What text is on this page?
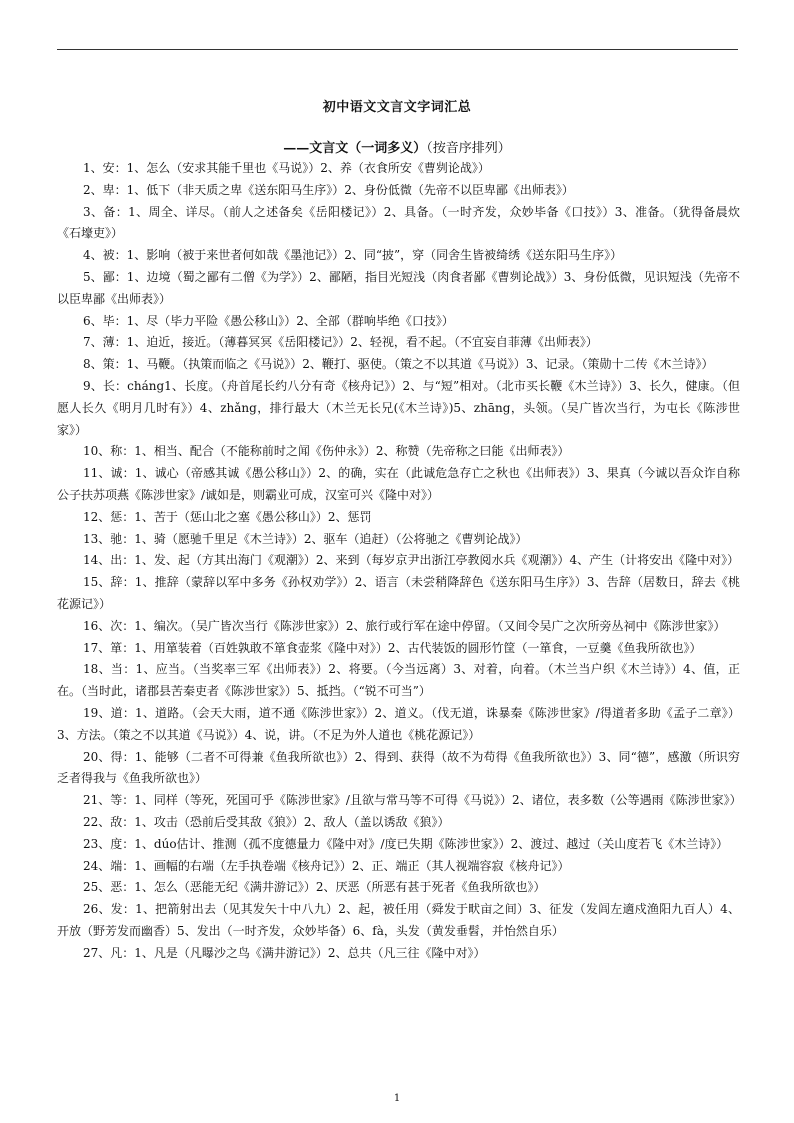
初中语文文言文字词汇总
——文言文（一词多义）（按音序排列）

1、安：1、怎么（安求其能千里也《马说》）2、养（衣食所安《曹刿论战》）

2、卑：1、低下（非天质之卑《送东阳马生序》）2、身份低微（先帝不以臣卑鄙《出师表》）

3、备：1、周全、详尽。（前人之述备矣《岳阳楼记》）2、具备。（一时齐发，众妙毕备《口技》）3、准备。（犹得备晨炊《石壕吏》）

4、被：1、影响（被于来世者何如哉《墨池记》）2、同“披”，穿（同舍生皆被绮绣《送东阳马生序》）

5、鄙：1、边境（蜀之鄙有二僧《为学》）2、鄙陋，指目光短浅（肉食者鄙《曹刿论战》）3、身份低微，见识短浅（先帝不以臣卑鄙《出师表》）

6、毕：1、尽（毕力平险《愚公移山》）2、全部（群响毕绝《口技》）

7、薄：1、迫近，接近。（薄暮冥冥《岳阳楼记》）2、轻视，看不起。（不宜妄自菲薄《出师表》）

8、策：1、马鞭。（执策而临之《马说》）2、鞭打、驱使。（策之不以其道《马说》）3、记录。（策勋十二传《木兰诗》）

9、长：cháng1、长度。（舟首尾长约八分有奇《核舟记》）2、与“短”相对。（北市买长鞭《木兰诗》）3、长久，健康。（但愿人长久《明月几时有》）4、zhǎng，排行最大（木兰无长兄(《木兰诗》)5、zhāng，头领。（吴广皆次当行，为屯长《陈涉世家》）

10、称：1、相当、配合（不能称前时之闻《伤仲永》）2、称赞（先帝称之曰能《出师表》）

11、诚：1、诚心（帝感其诚《愚公移山》）2、的确，实在（此诚危急存亡之秋也《出师表》）3、果真（今诚以吾众诈自称公子扶苏项燕《陈涉世家》/诚如是，则霸业可成，汉室可兴《隆中对》）

12、惩：1、苦于（惩山北之塞《愚公移山》）2、惩罚

13、驰：1、骑（愿驰千里足《木兰诗》）2、驱车（追赶）（公将驰之《曹刿论战》）

14、出：1、发、起（方其出海门《观潮》）2、来到（每岁京尹出浙江亭教阅水兵《观潮》）4、产生（计将安出《隆中对》）

15、辞：1、推辞（蒙辞以军中多务《孙权劝学》）2、语言（未尝稍降辞色《送东阳马生序》）3、告辞（居数日，辞去《桃花源记》）

16、次：1、编次。（吴广皆次当行《陈涉世家》）2、旅行或行军在途中停留。（又间令吴广之次所旁丛祠中《陈涉世家》）

17、箪：1、用箪装着（百姓孰敢不箪食壶浆《隆中对》）2、古代装饭的圆形竹筐（一箪食，一豆羹《鱼我所欲也》）

18、当：1、应当。（当奖率三军《出师表》）2、将要。（今当远离）3、对着，向着。（木兰当户织《木兰诗》）4、值，正在。（当时此，诸郡县苦秦吏者《陈涉世家》）5、抵挡。（“锐不可当”）

19、道：1、道路。（会天大雨，道不通《陈涉世家》）2、道义。（伐无道，诛暴秦《陈涉世家》/得道者多助《孟子二章》）3、方法。（策之不以其道《马说》）4、说，讲。（不足为外人道也《桃花源记》）

20、得：1、能够（二者不可得兼《鱼我所欲也》）2、得到、获得（故不为苟得《鱼我所欲也》）3、同“德”，感激（所识穷乏者得我与《鱼我所欲也》）

21、等：1、同样（等死，死国可乎《陈涉世家》/且欲与常马等不可得《马说》）2、诸位，表多数（公等遇雨《陈涉世家》）

22、敌：1、攻击（恐前后受其敌《狼》）2、敌人（盖以诱敌《狼》）

23、度：1、dúo估计、推测（孤不度德量力《隆中对》/度已失期《陈涉世家》）2、渡过、越过（关山度若飞《木兰诗》）

24、端：1、画幅的右端（左手执卷端《核舟记》）2、正、端正（其人视端容寂《核舟记》）

25、恶：1、怎么（恶能无纪《满井游记》）2、厌恶（所恶有甚于死者《鱼我所欲也》）

26、发：1、把箭射出去（见其发矢十中八九）2、起，被任用（舜发于畎亩之间）3、征发（发闾左適戍渔阳九百人）4、开放（野芳发而幽香）5、发出（一时齐发，众妙毕备）6、fà，头发（黄发垂髫，并怡然自乐）

27、凡：1、凡是（凡曝沙之鸟《满井游记》）2、总共（凡三往《隆中对》）

1
